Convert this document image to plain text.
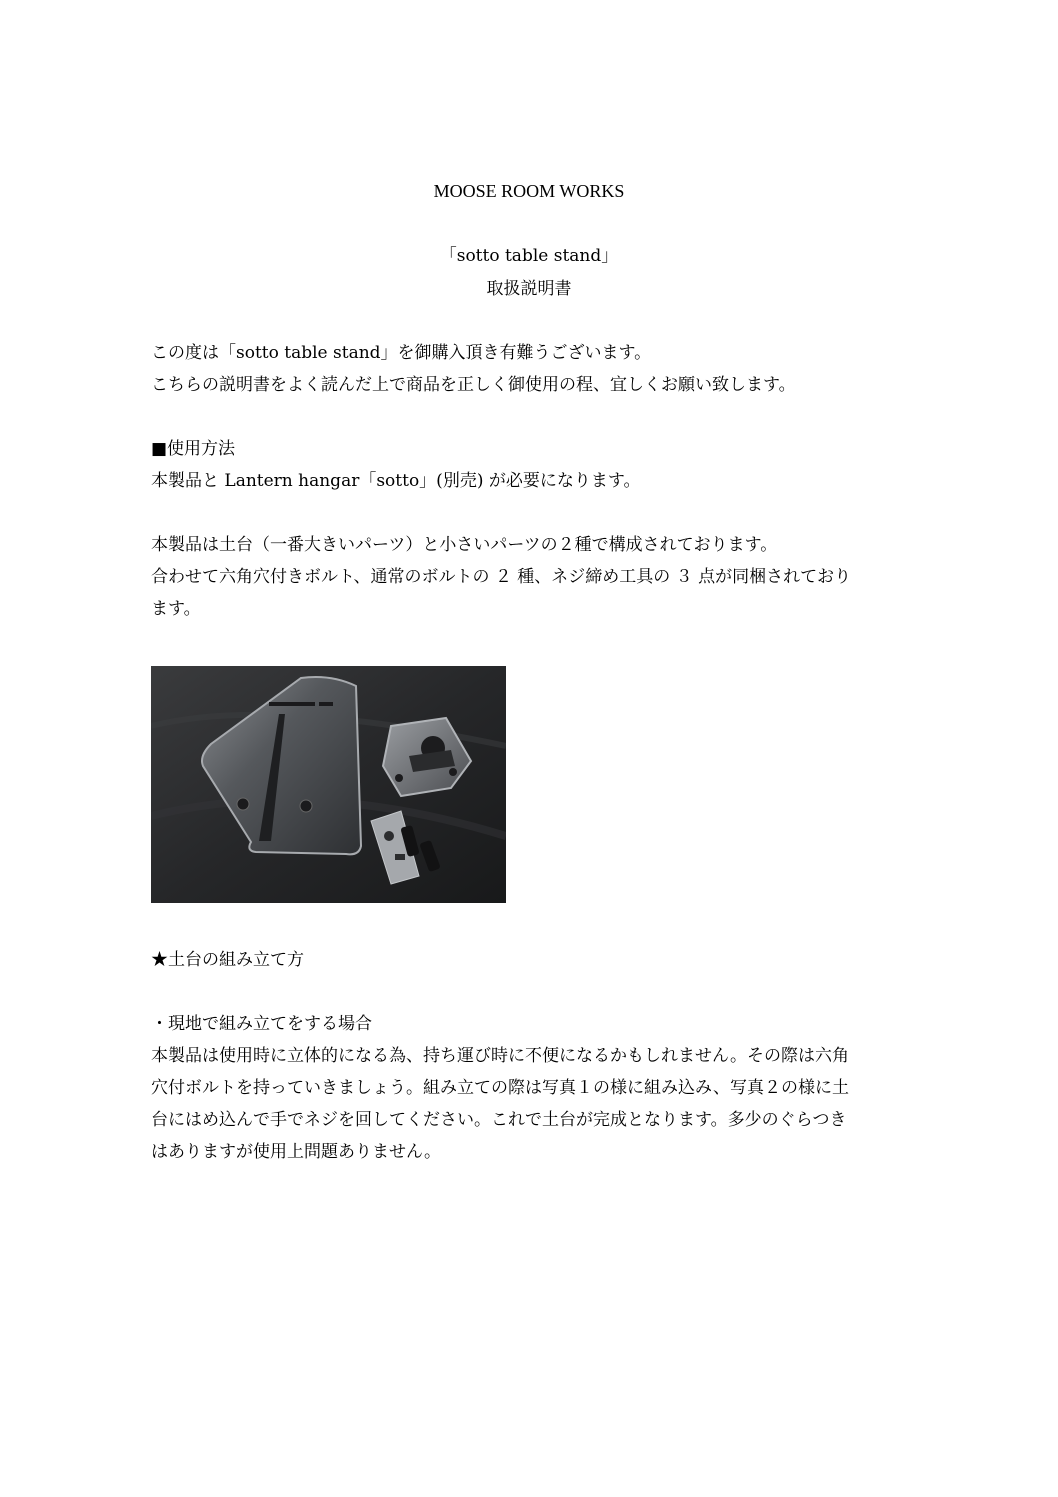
MOOSE ROOM WORKS
「sotto table stand」
取扱説明書
この度は「sotto table stand」を御購入頂き有難うございます。
こちらの説明書をよく読んだ上で商品を正しく御使用の程、宜しくお願い致します。
■使用方法
本製品と Lantern hangar「sotto」(別売) が必要になります。
本製品は土台（一番大きいパーツ）と小さいパーツの２種で構成されております。
合わせて六角穴付きボルト、通常のボルトの ２ 種、ネジ締め工具の ３ 点が同梱されており
ます。
★土台の組み立て方
・現地で組み立てをする場合
本製品は使用時に立体的になる為、持ち運び時に不便になるかもしれません。その際は六角
穴付ボルトを持っていきましょう。組み立ての際は写真１の様に組み込み、写真２の様に土
台にはめ込んで手でネジを回してください。これで土台が完成となります。多少のぐらつき
はありますが使用上問題ありません。
